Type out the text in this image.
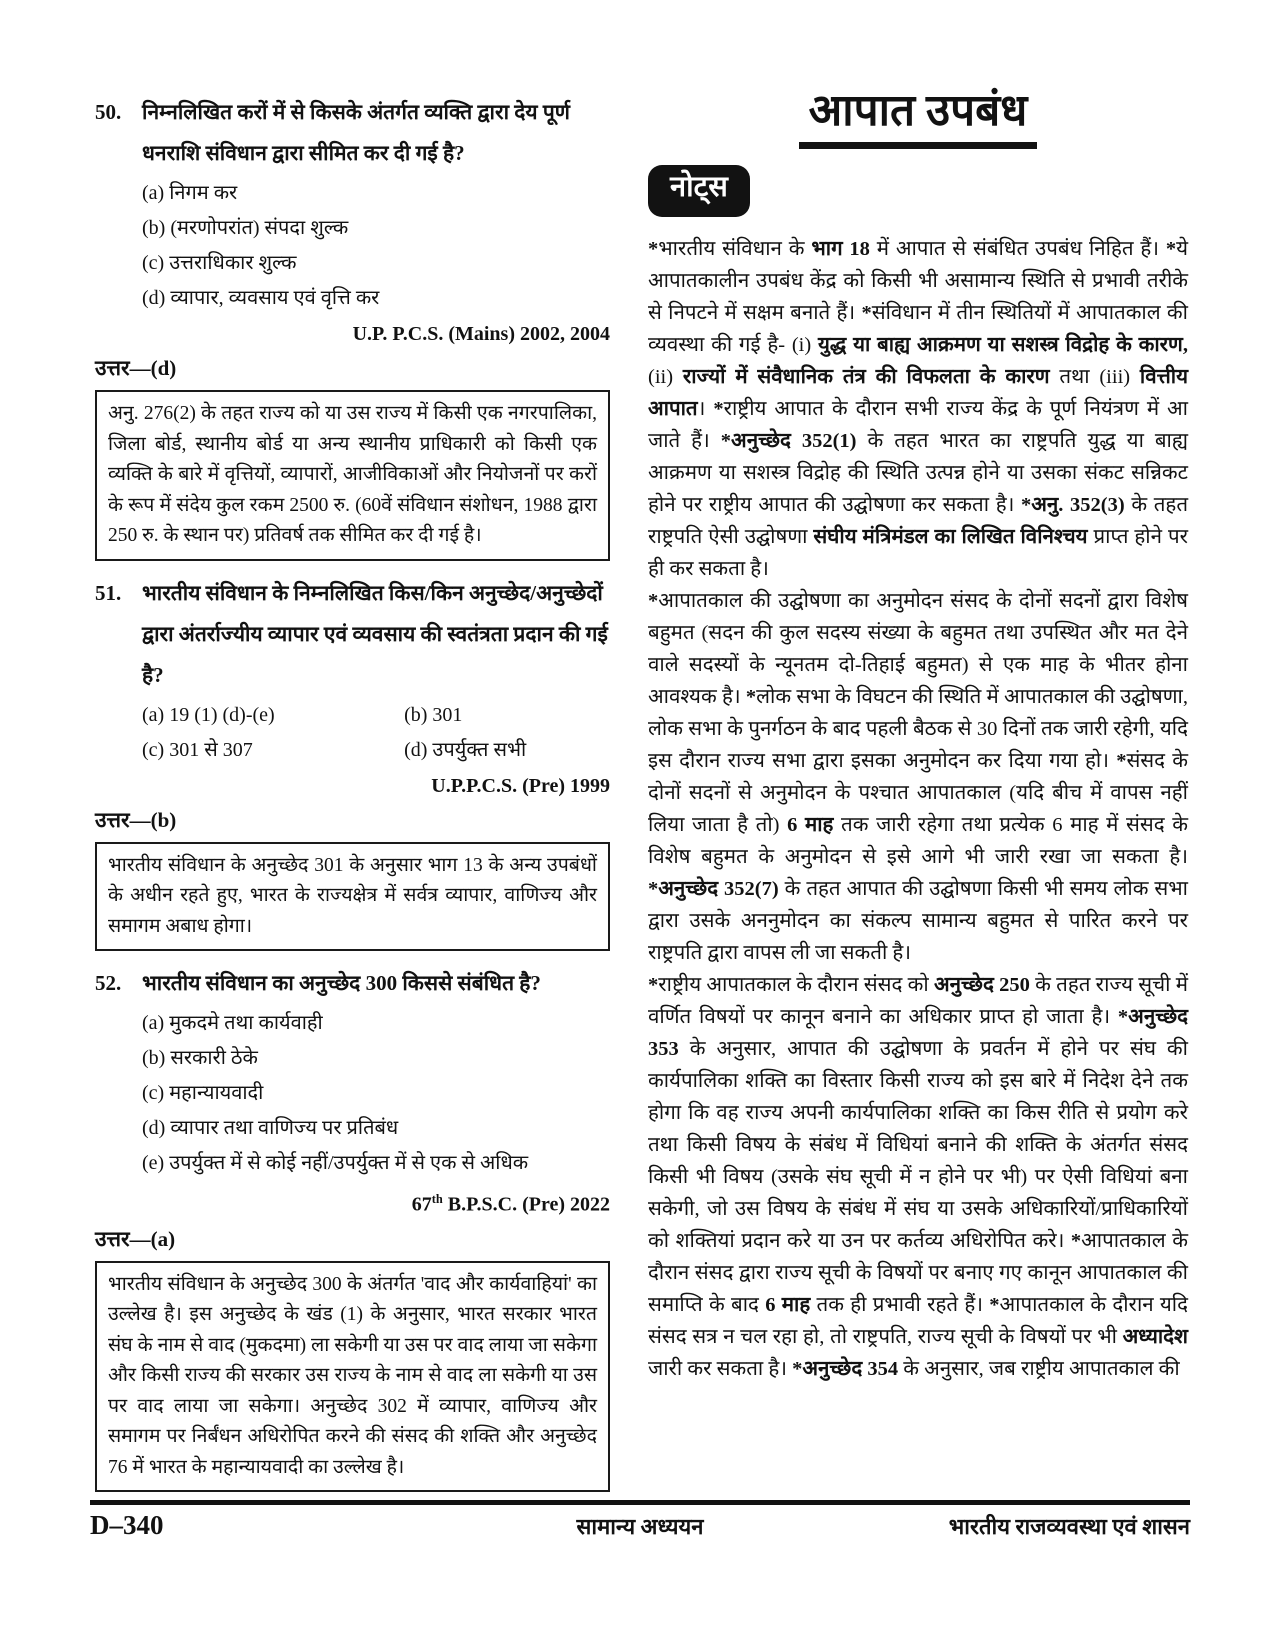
50. निम्नलिखित करों में से किसके अंतर्गत व्यक्ति द्वारा देय पूर्ण धनराशि संविधान द्वारा सीमित कर दी गई है?
(a) निगम कर
(b) (मरणोपरांत) संपदा शुल्क
(c) उत्तराधिकार शुल्क
(d) व्यापार, व्यवसाय एवं वृत्ति कर
U.P. P.C.S. (Mains) 2002, 2004
उत्तर—(d)
अनु. 276(2) के तहत राज्य को या उस राज्य में किसी एक नगरपालिका, जिला बोर्ड, स्थानीय बोर्ड या अन्य स्थानीय प्राधिकारी को किसी एक व्यक्ति के बारे में वृत्तियों, व्यापारों, आजीविकाओं और नियोजनों पर करों के रूप में संदेय कुल रकम 2500 रु. (60वें संविधान संशोधन, 1988 द्वारा 250 रु. के स्थान पर) प्रतिवर्ष तक सीमित कर दी गई है।
51. भारतीय संविधान के निम्नलिखित किस/किन अनुच्छेद/अनुच्छेदों द्वारा अंतर्राज्यीय व्यापार एवं व्यवसाय की स्वतंत्रता प्रदान की गई है?
(a) 19 (1) (d)-(e)	(b) 301
(c) 301 से 307	(d) उपर्युक्त सभी
U.P.P.C.S. (Pre) 1999
उत्तर—(b)
भारतीय संविधान के अनुच्छेद 301 के अनुसार भाग 13 के अन्य उपबंधों के अधीन रहते हुए, भारत के राज्यक्षेत्र में सर्वत्र व्यापार, वाणिज्य और समागम अबाध होगा।
52. भारतीय संविधान का अनुच्छेद 300 किससे संबंधित है?
(a) मुकदमे तथा कार्यवाही
(b) सरकारी ठेके
(c) महान्यायवादी
(d) व्यापार तथा वाणिज्य पर प्रतिबंध
(e) उपर्युक्त में से कोई नहीं/उपर्युक्त में से एक से अधिक
67th B.P.S.C. (Pre) 2022
उत्तर—(a)
भारतीय संविधान के अनुच्छेद 300 के अंतर्गत 'वाद और कार्यवाहियां' का उल्लेख है। इस अनुच्छेद के खंड (1) के अनुसार, भारत सरकार भारत संघ के नाम से वाद (मुकदमा) ला सकेगी या उस पर वाद लाया जा सकेगा और किसी राज्य की सरकार उस राज्य के नाम से वाद ला सकेगी या उस पर वाद लाया जा सकेगा। अनुच्छेद 302 में व्यापार, वाणिज्य और समागम पर निर्बंधन अधिरोपित करने की संसद की शक्ति और अनुच्छेद 76 में भारत के महान्यायवादी का उल्लेख है।
आपात उपबंध
नोट्स

*भारतीय संविधान के भाग 18 में आपात से संबंधित उपबंध निहित हैं। *ये आपातकालीन उपबंध केंद्र को किसी भी असामान्य स्थिति से प्रभावी तरीके से निपटने में सक्षम बनाते हैं। *संविधान में तीन स्थितियों में आपातकाल की व्यवस्था की गई है- (i) युद्ध या बाह्य आक्रमण या सशस्त्र विद्रोह के कारण, (ii) राज्यों में संवैधानिक तंत्र की विफलता के कारण तथा (iii) वित्तीय आपात। *राष्ट्रीय आपात के दौरान सभी राज्य केंद्र के पूर्ण नियंत्रण में आ जाते हैं। *अनुच्छेद 352(1) के तहत भारत का राष्ट्रपति युद्ध या बाह्य आक्रमण या सशस्त्र विद्रोह की स्थिति उत्पन्न होने या उसका संकट सन्निकट होने पर राष्ट्रीय आपात की उद्घोषणा कर सकता है। *अनु. 352(3) के तहत राष्ट्रपति ऐसी उद्घोषणा संघीय मंत्रिमंडल का लिखित विनिश्चय प्राप्त होने पर ही कर सकता है।

*आपातकाल की उद्घोषणा का अनुमोदन संसद के दोनों सदनों द्वारा विशेष बहुमत (सदन की कुल सदस्य संख्या के बहुमत तथा उपस्थित और मत देने वाले सदस्यों के न्यूनतम दो-तिहाई बहुमत) से एक माह के भीतर होना आवश्यक है। *लोक सभा के विघटन की स्थिति में आपातकाल की उद्घोषणा, लोक सभा के पुनर्गठन के बाद पहली बैठक से 30 दिनों तक जारी रहेगी, यदि इस दौरान राज्य सभा द्वारा इसका अनुमोदन कर दिया गया हो। *संसद के दोनों सदनों से अनुमोदन के पश्चात आपातकाल (यदि बीच में वापस नहीं लिया जाता है तो) 6 माह तक जारी रहेगा तथा प्रत्येक 6 माह में संसद के विशेष बहुमत के अनुमोदन से इसे आगे भी जारी रखा जा सकता है। *अनुच्छेद 352(7) के तहत आपात की उद्घोषणा किसी भी समय लोक सभा द्वारा उसके अननुमोदन का संकल्प सामान्य बहुमत से पारित करने पर राष्ट्रपति द्वारा वापस ली जा सकती है।

*राष्ट्रीय आपातकाल के दौरान संसद को अनुच्छेद 250 के तहत राज्य सूची में वर्णित विषयों पर कानून बनाने का अधिकार प्राप्त हो जाता है। *अनुच्छेद 353 के अनुसार, आपात की उद्घोषणा के प्रवर्तन में होने पर संघ की कार्यपालिका शक्ति का विस्तार किसी राज्य को इस बारे में निदेश देने तक होगा कि वह राज्य अपनी कार्यपालिका शक्ति का किस रीति से प्रयोग करे तथा किसी विषय के संबंध में विधियां बनाने की शक्ति के अंतर्गत संसद किसी भी विषय (उसके संघ सूची में न होने पर भी) पर ऐसी विधियां बना सकेगी, जो उस विषय के संबंध में संघ या उसके अधिकारियों/प्राधिकारियों को शक्तियां प्रदान करे या उन पर कर्तव्य अधिरोपित करे। *आपातकाल के दौरान संसद द्वारा राज्य सूची के विषयों पर बनाए गए कानून आपातकाल की समाप्ति के बाद 6 माह तक ही प्रभावी रहते हैं। *आपातकाल के दौरान यदि संसद सत्र न चल रहा हो, तो राष्ट्रपति, राज्य सूची के विषयों पर भी अध्यादेश जारी कर सकता है। *अनुच्छेद 354 के अनुसार, जब राष्ट्रीय आपातकाल की

D–340	सामान्य अध्ययन	भारतीय राजव्यवस्था एवं शासन
